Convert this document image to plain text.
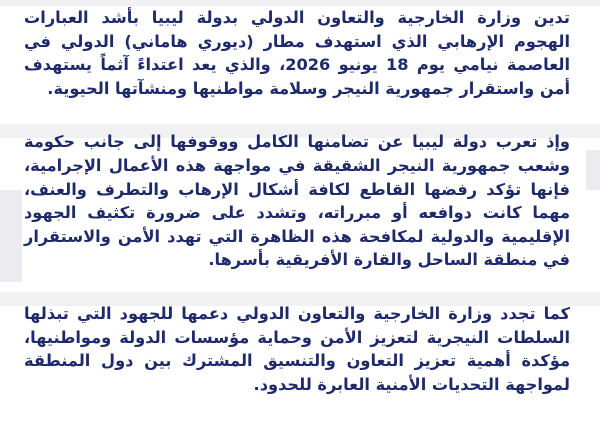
تدين وزارة الخارجية والتعاون الدولي بدولة ليبيا بأشد العبارات الهجوم الإرهابي الذي استهدف مطار (ديوري هاماني) الدولي في العاصمة نيامي يوم 18 يونيو 2026، والذي يعد اعتداءً آثماً يستهدف أمن واستقرار جمهورية النيجر وسلامة مواطنيها ومنشآتها الحيوية.

وإذ تعرب دولة ليبيا عن تضامنها الكامل ووقوفها إلى جانب حكومة وشعب جمهورية النيجر الشقيقة في مواجهة هذه الأعمال الإجرامية، فإنها تؤكد رفضها القاطع لكافة أشكال الإرهاب والتطرف والعنف، مهما كانت دوافعه أو مبرراته، وتشدد على ضرورة تكثيف الجهود الإقليمية والدولية لمكافحة هذه الظاهرة التي تهدد الأمن والاستقرار في منطقة الساحل والقارة الأفريقية بأسرها.

كما تجدد وزارة الخارجية والتعاون الدولي دعمها للجهود التي تبذلها السلطات النيجرية لتعزيز الأمن وحماية مؤسسات الدولة ومواطنيها، مؤكدة أهمية تعزيز التعاون والتنسيق المشترك بين دول المنطقة لمواجهة التحديات الأمنية العابرة للحدود.
